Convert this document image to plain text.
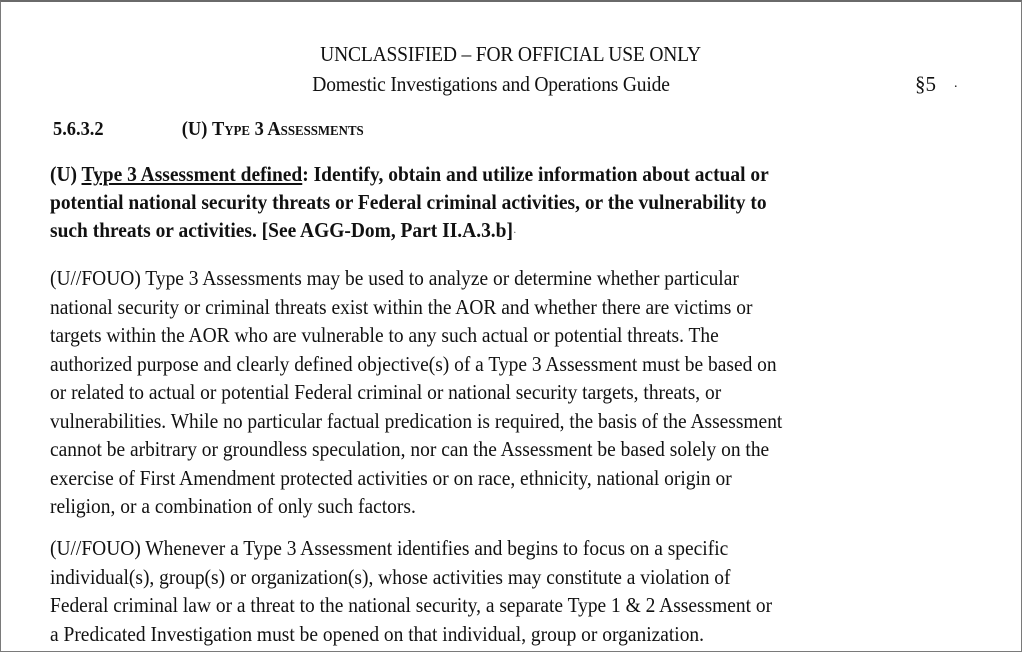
UNCLASSIFIED – FOR OFFICIAL USE ONLY
Domestic Investigations and Operations Guide	§5 .
5.6.3.2	(U) Type 3 Assessments
(U) Type 3 Assessment defined: Identify, obtain and utilize information about actual or
potential national security threats or Federal criminal activities, or the vulnerability to
such threats or activities. [See AGG-Dom, Part II.A.3.b]·
(U//FOUO) Type 3 Assessments may be used to analyze or determine whether particular
national security or criminal threats exist within the AOR and whether there are victims or
targets within the AOR who are vulnerable to any such actual or potential threats. The
authorized purpose and clearly defined objective(s) of a Type 3 Assessment must be based on
or related to actual or potential Federal criminal or national security targets, threats, or
vulnerabilities. While no particular factual predication is required, the basis of the Assessment
cannot be arbitrary or groundless speculation, nor can the Assessment be based solely on the
exercise of First Amendment protected activities or on race, ethnicity, national origin or
religion, or a combination of only such factors.
(U//FOUO) Whenever a Type 3 Assessment identifies and begins to focus on a specific
individual(s), group(s) or organization(s), whose activities may constitute a violation of
Federal criminal law or a threat to the national security, a separate Type 1 & 2 Assessment or
a Predicated Investigation must be opened on that individual, group or organization.
